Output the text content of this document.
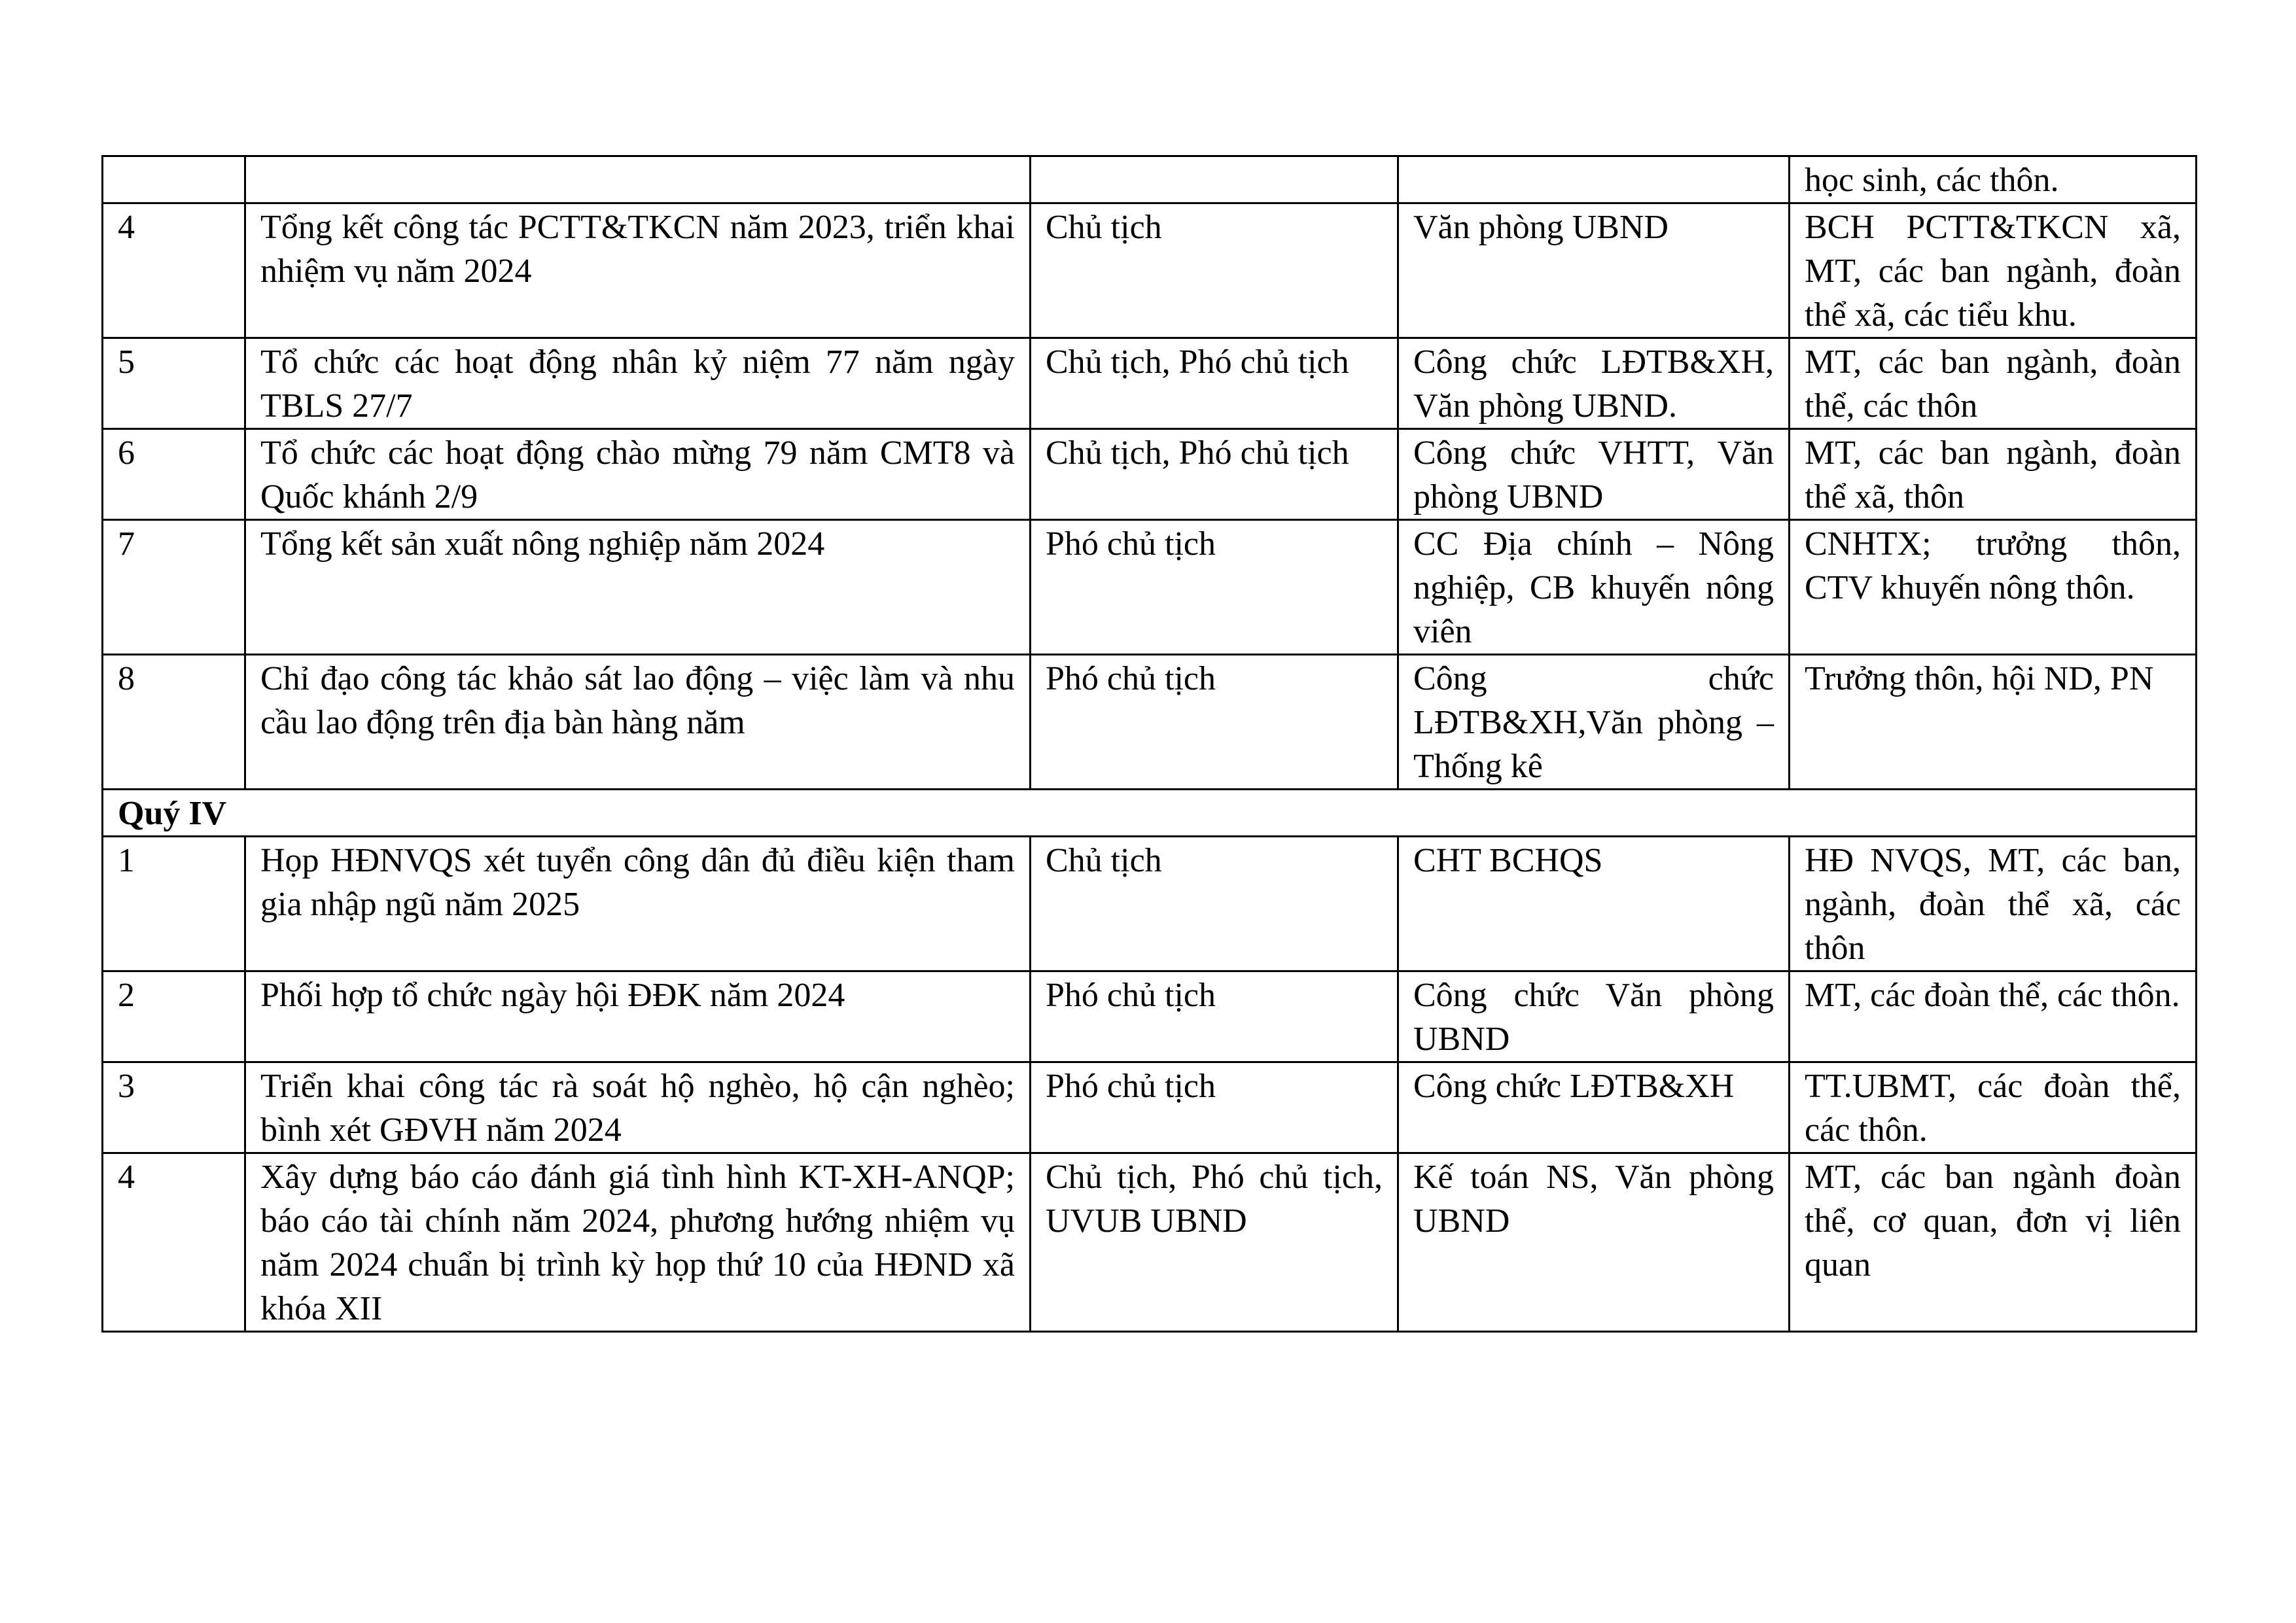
				học sinh, các thôn.
4	Tổng kết công tác PCTT&TKCN năm 2023, triển khai nhiệm vụ năm 2024	Chủ tịch	Văn phòng UBND	BCH PCTT&TKCN xã, MT, các ban ngành, đoàn thể xã, các tiểu khu.
5	Tổ chức các hoạt động nhân kỷ niệm 77 năm ngày TBLS 27/7	Chủ tịch, Phó chủ tịch	Công chức LĐTB&XH, Văn phòng UBND.	MT, các ban ngành, đoàn thể, các thôn
6	Tổ chức các hoạt động chào mừng 79 năm CMT8 và Quốc khánh 2/9	Chủ tịch, Phó chủ tịch	Công chức VHTT, Văn phòng UBND	MT, các ban ngành, đoàn thể xã, thôn
7	Tổng kết sản xuất nông nghiệp năm 2024	Phó chủ tịch	CC Địa chính – Nông nghiệp, CB khuyến nông viên	CNHTX; trưởng thôn, CTV khuyến nông thôn.
8	Chỉ đạo công tác khảo sát lao động – việc làm và nhu cầu lao động trên địa bàn hàng năm	Phó chủ tịch	Công chức LĐTB&XH,Văn phòng – Thống kê	Trưởng thôn, hội ND, PN
Quý IV				
1	Họp HĐNVQS xét tuyển công dân đủ điều kiện tham gia nhập ngũ năm 2025	Chủ tịch	CHT BCHQS	HĐ NVQS, MT, các ban, ngành, đoàn thể xã, các thôn
2	Phối hợp tổ chức ngày hội ĐĐK năm 2024	Phó chủ tịch	Công chức Văn phòng UBND	MT, các đoàn thể, các thôn.
3	Triển khai công tác rà soát hộ nghèo, hộ cận nghèo; bình xét GĐVH năm 2024	Phó chủ tịch	Công chức LĐTB&XH	TT.UBMT, các đoàn thể, các thôn.
4	Xây dựng báo cáo đánh giá tình hình KT-XH-ANQP; báo cáo tài chính năm 2024, phương hướng nhiệm vụ năm 2024 chuẩn bị trình kỳ họp thứ 10 của HĐND xã khóa XII	Chủ tịch, Phó chủ tịch, UVUB UBND	Kế toán NS, Văn phòng UBND	MT, các ban ngành đoàn thể, cơ quan, đơn vị liên quan
